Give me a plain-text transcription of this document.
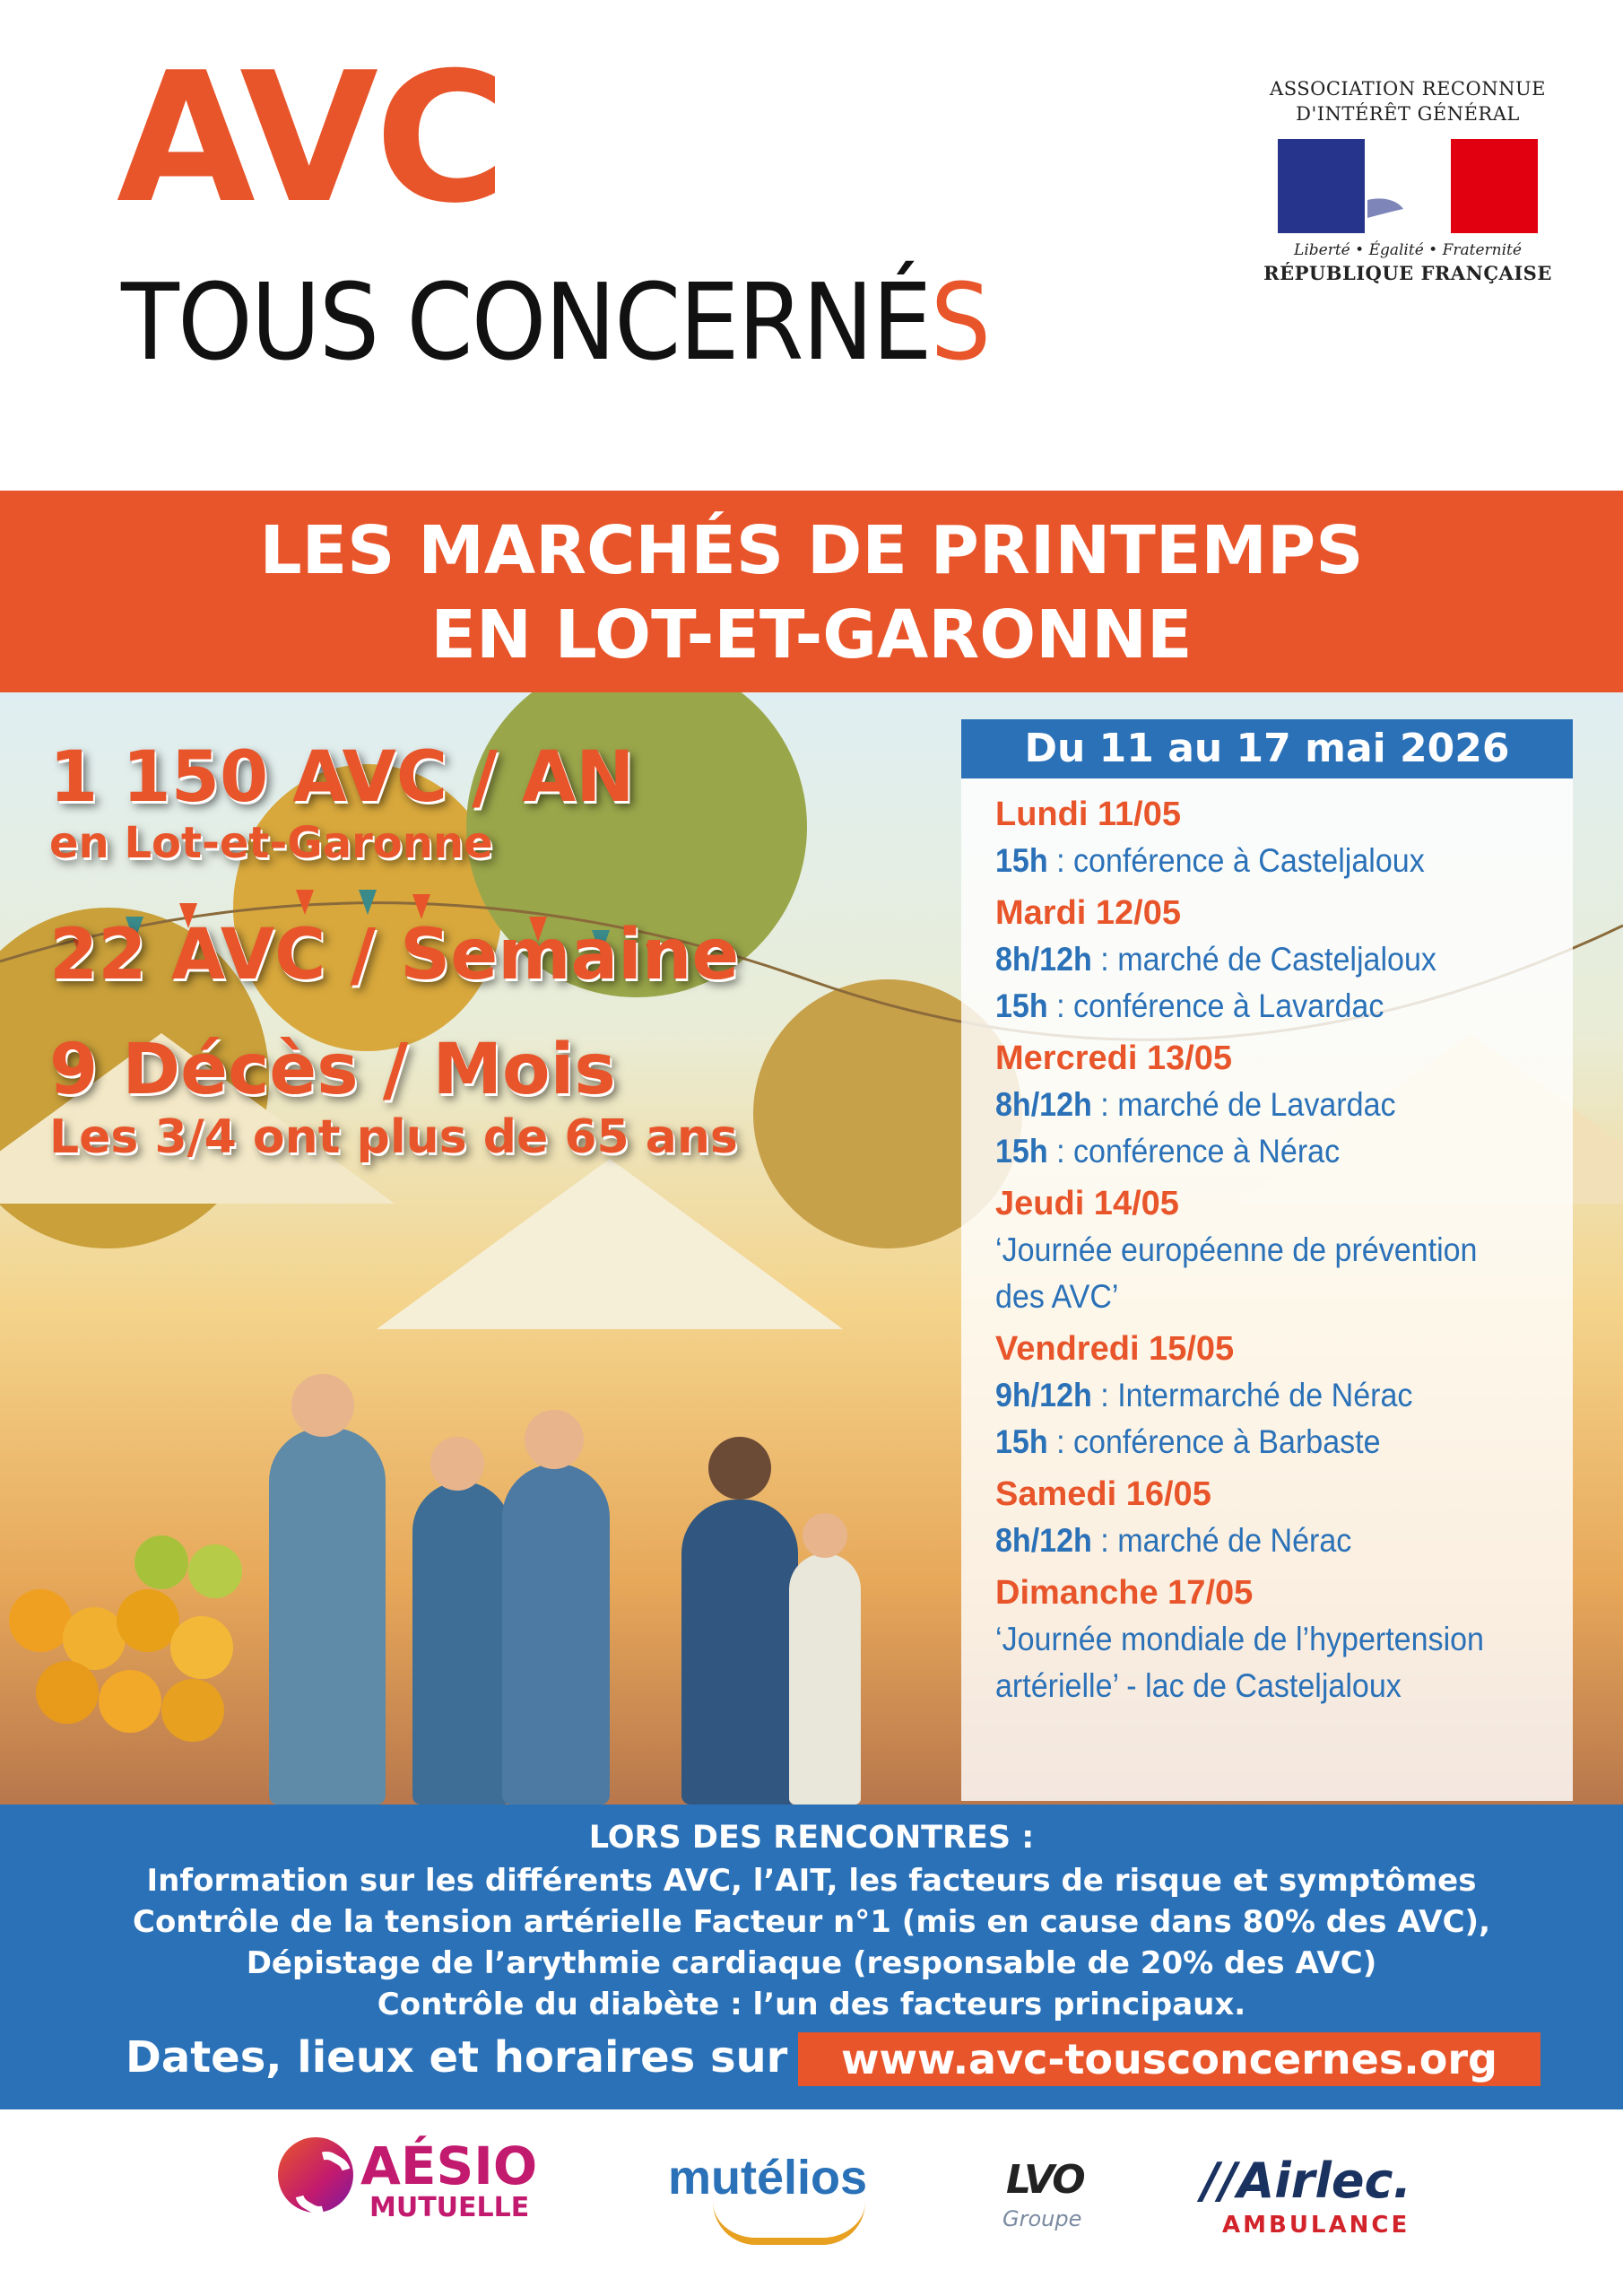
AVC
TOUS CONCERNÉS
ASSOCIATION RECONNUE
D'INTÉRÊT GÉNÉRAL
Liberté • Égalité • Fraternité
RÉPUBLIQUE FRANÇAISE
LES MARCHÉS DE PRINTEMPS
EN LOT-ET-GARONNE
1 150 AVC / AN
en Lot-et-Garonne
22 AVC / Semaine
9 Décès / Mois
Les 3/4 ont plus de 65 ans
Du 11 au 17 mai 2026
Lundi 11/05
15h : conférence à Casteljaloux
Mardi 12/05
8h/12h : marché de Casteljaloux
15h : conférence à Lavardac
Mercredi 13/05
8h/12h : marché de Lavardac
15h : conférence à Nérac
Jeudi 14/05
‘Journée européenne de prévention
des AVC’
Vendredi 15/05
9h/12h : Intermarché de Nérac
15h : conférence à Barbaste
Samedi 16/05
8h/12h : marché de Nérac
Dimanche 17/05
‘Journée mondiale de l’hypertension
artérielle’ - lac de Casteljaloux
LORS DES RENCONTRES :
Information sur les différents AVC, l’AIT, les facteurs de risque et symptômes
Contrôle de la tension artérielle Facteur n°1 (mis en cause dans 80% des AVC),
Dépistage de l’arythmie cardiaque (responsable de 20% des AVC)
Contrôle du diabète : l’un des facteurs principaux.
Dates, lieux et horaires sur	www.avc-tousconcernes.org
AÉSIO
MUTUELLE
mutélios	LVO
Groupe
//Airlec.
AMBULANCE
